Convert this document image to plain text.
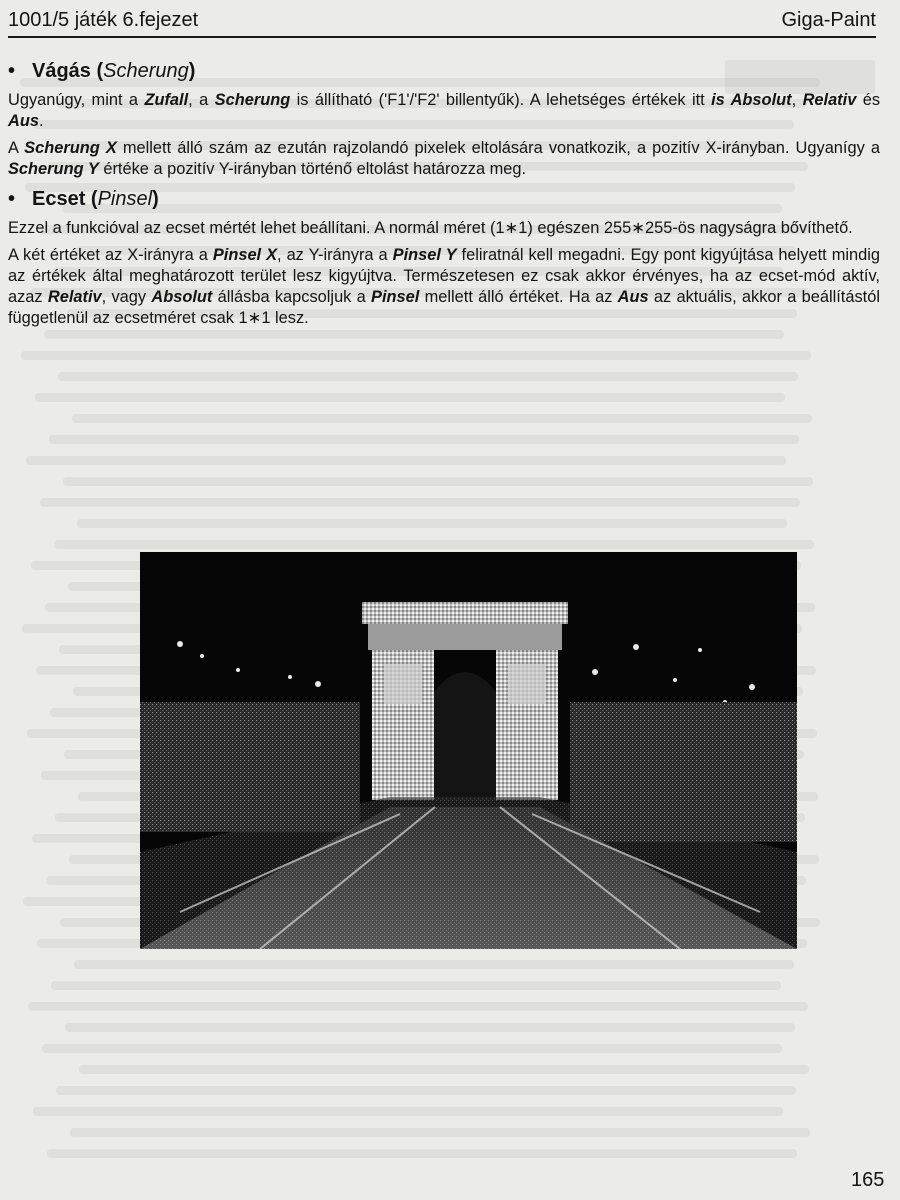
1001/5 játék 6.fejezet	Giga-Paint
• Vágás (Scherung)

Ugyanúgy, mint a Zufall, a Scherung is állítható ('F1'/'F2' billentyűk). A lehetséges értékek itt is Absolut, Relativ és Aus.

A Scherung X mellett álló szám az ezután rajzolandó pixelek eltolására vonatkozik, a pozitív X-irányban. Ugyanígy a Scherung Y értéke a pozitív Y-irányban történő eltolást határozza meg.

• Ecset (Pinsel)

Ezzel a funkcióval az ecset mértét lehet beállítani. A normál méret (1∗1) egészen 255∗255-ös nagyságra bővíthető.

A két értéket az X-irányra a Pinsel X, az Y-irányra a Pinsel Y feliratnál kell megadni. Egy pont kigyújtása helyett mindig az értékek által meghatározott terület lesz kigyújtva. Természetesen ez csak akkor érvényes, ha az ecset-mód aktív, azaz Relativ, vagy Absolut állásba kapcsoljuk a Pinsel mellett álló értéket. Ha az Aus az aktuális, akkor a beállítástól függetlenül az ecsetméret csak 1∗1 lesz.

165
